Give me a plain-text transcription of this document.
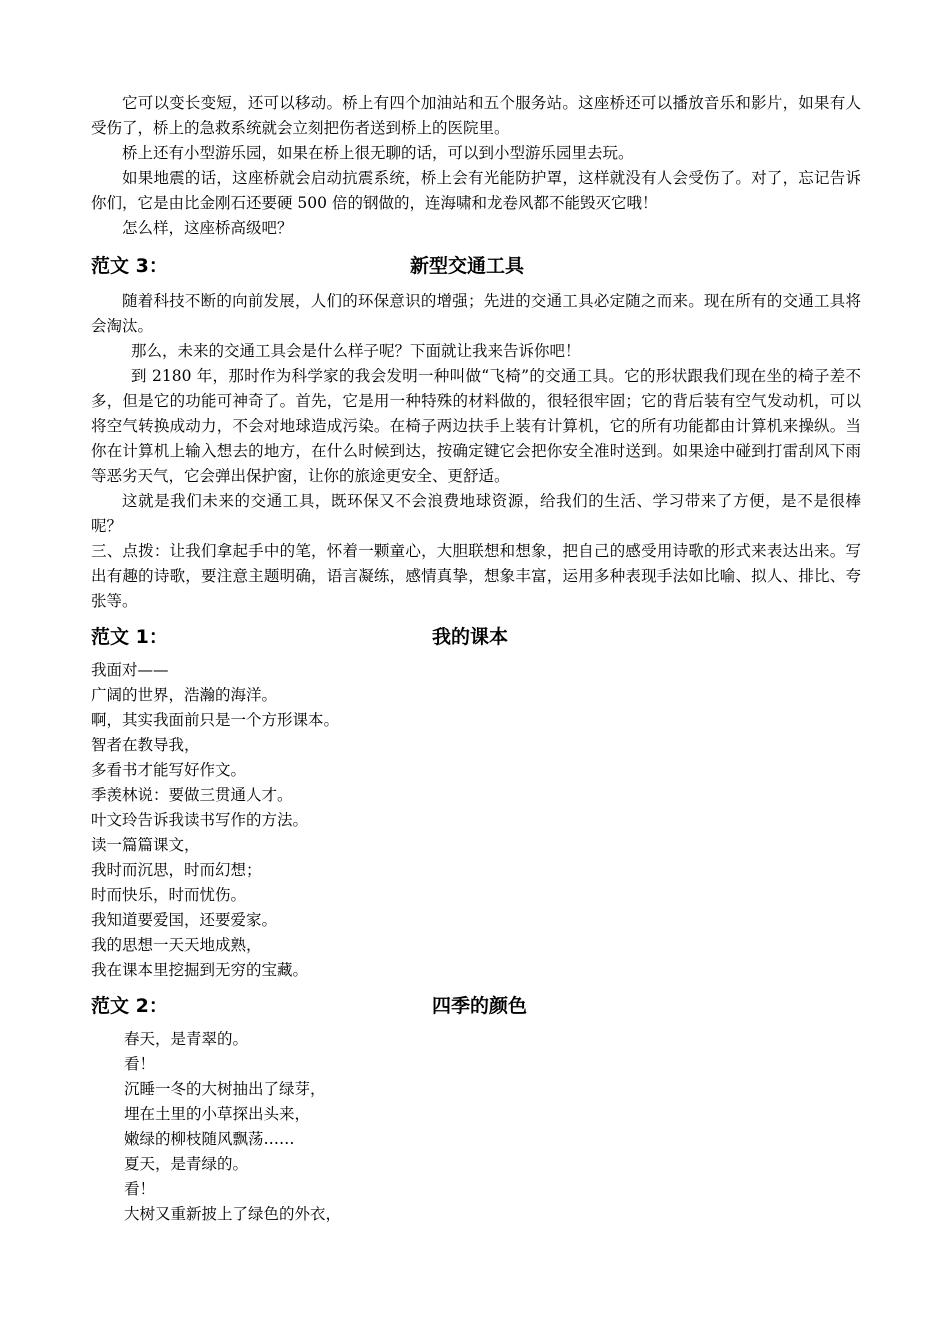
它可以变长变短，还可以移动。桥上有四个加油站和五个服务站。这座桥还可以播放音乐和影片，如果有人受伤了，桥上的急救系统就会立刻把伤者送到桥上的医院里。

桥上还有小型游乐园，如果在桥上很无聊的话，可以到小型游乐园里去玩。

如果地震的话，这座桥就会启动抗震系统，桥上会有光能防护罩，这样就没有人会受伤了。对了，忘记告诉你们，它是由比金刚石还要硬 500 倍的钢做的，连海啸和龙卷风都不能毁灭它哦！

怎么样，这座桥高级吧？

范文 3：	新型交通工具

随着科技不断的向前发展，人们的环保意识的增强；先进的交通工具必定随之而来。现在所有的交通工具将会淘汰。

那么，未来的交通工具会是什么样子呢？下面就让我来告诉你吧！

到 2180 年，那时作为科学家的我会发明一种叫做“飞椅”的交通工具。它的形状跟我们现在坐的椅子差不多，但是它的功能可神奇了。首先，它是用一种特殊的材料做的，很轻很牢固；它的背后装有空气发动机，可以将空气转换成动力，不会对地球造成污染。在椅子两边扶手上装有计算机，它的所有功能都由计算机来操纵。当你在计算机上输入想去的地方，在什么时候到达，按确定键它会把你安全准时送到。如果途中碰到打雷刮风下雨等恶劣天气，它会弹出保护窗，让你的旅途更安全、更舒适。

这就是我们未来的交通工具，既环保又不会浪费地球资源，给我们的生活、学习带来了方便，是不是很棒呢？

三、点拨：让我们拿起手中的笔，怀着一颗童心，大胆联想和想象，把自己的感受用诗歌的形式来表达出来。写出有趣的诗歌，要注意主题明确，语言凝练，感情真挚，想象丰富，运用多种表现手法如比喻、拟人、排比、夸张等。

范文 1：	我的课本

我面对——

广阔的世界，浩瀚的海洋。

啊，其实我面前只是一个方形课本。

智者在教导我，

多看书才能写好作文。

季羡林说：要做三贯通人才。

叶文玲告诉我读书写作的方法。

读一篇篇课文，

我时而沉思，时而幻想；

时而快乐，时而忧伤。

我知道要爱国，还要爱家。

我的思想一天天地成熟，

我在课本里挖掘到无穷的宝藏。

范文 2：	四季的颜色

春天，是青翠的。

看！

沉睡一冬的大树抽出了绿芽，

埋在土里的小草探出头来，

嫩绿的柳枝随风飘荡……

夏天，是青绿的。

看！

大树又重新披上了绿色的外衣，
